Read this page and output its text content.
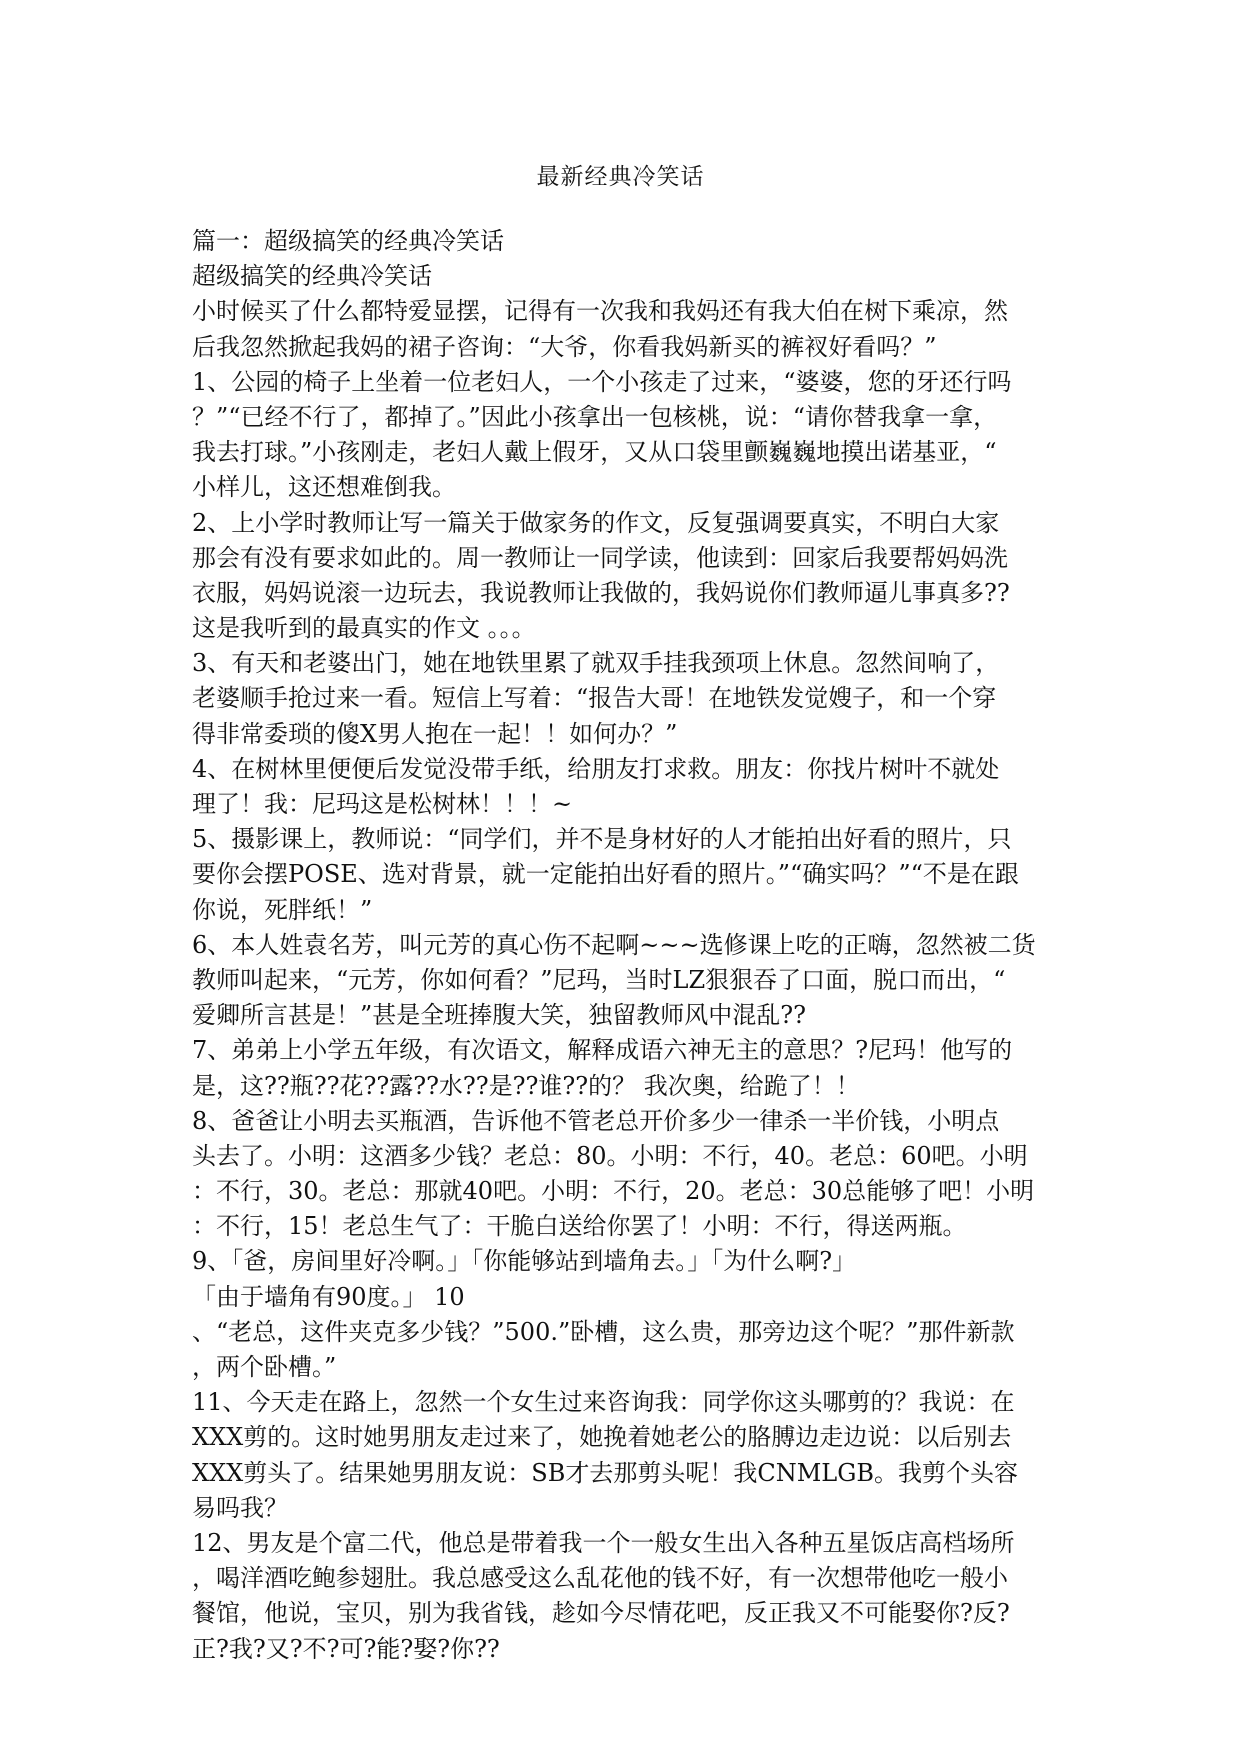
最新经典冷笑话
篇一：超级搞笑的经典冷笑话
超级搞笑的经典冷笑话
小时候买了什么都特爱显摆，记得有一次我和我妈还有我大伯在树下乘凉，然
后我忽然掀起我妈的裙子咨询：“大爷，你看我妈新买的裤衩好看吗？”
1、公园的椅子上坐着一位老妇人，一个小孩走了过来，“婆婆，您的牙还行吗
？”“已经不行了，都掉了。”因此小孩拿出一包核桃，说：“请你替我拿一拿，
我去打球。”小孩刚走，老妇人戴上假牙，又从口袋里颤巍巍地摸出诺基亚，“
小样儿，这还想难倒我。
2、上小学时教师让写一篇关于做家务的作文，反复强调要真实，不明白大家
那会有没有要求如此的。周一教师让一同学读，他读到：回家后我要帮妈妈洗
衣服，妈妈说滚一边玩去，我说教师让我做的，我妈说你们教师逼儿事真多??
这是我听到的最真实的作文 。。。
3、有天和老婆出门，她在地铁里累了就双手挂我颈项上休息。忽然间响了，
老婆顺手抢过来一看。短信上写着：“报告大哥！在地铁发觉嫂子，和一个穿
得非常委琐的傻X男人抱在一起！！如何办？”
4、在树林里便便后发觉没带手纸，给朋友打求救。朋友：你找片树叶不就处
理了！我：尼玛这是松树林！！！~
5、摄影课上，教师说：“同学们，并不是身材好的人才能拍出好看的照片，只
要你会摆POSE、选对背景，就一定能拍出好看的照片。”“确实吗？”“不是在跟
你说，死胖纸！”
6、本人姓袁名芳，叫元芳的真心伤不起啊~~~选修课上吃的正嗨，忽然被二货
教师叫起来，“元芳，你如何看？”尼玛，当时LZ狠狠吞了口面，脱口而出，“
爱卿所言甚是！”甚是全班捧腹大笑，独留教师风中混乱??
7、弟弟上小学五年级，有次语文，解释成语六神无主的意思？?尼玛！他写的
是，这??瓶??花??露??水??是??谁??的？ 我次奥，给跪了！！
8、爸爸让小明去买瓶酒，告诉他不管老总开价多少一律杀一半价钱，小明点
头去了。小明：这酒多少钱？老总：80。小明：不行，40。老总：60吧。小明
：不行，30。老总：那就40吧。小明：不行，20。老总：30总能够了吧！小明
：不行，15！老总生气了：干脆白送给你罢了！小明：不行，得送两瓶。
9、「爸，房间里好冷啊。」「你能够站到墙角去。」「为什么啊?」
「由于墙角有90度。」 10
、“老总，这件夹克多少钱？”500.”卧槽，这么贵，那旁边这个呢？”那件新款
，两个卧槽。”
11、今天走在路上，忽然一个女生过来咨询我：同学你这头哪剪的？我说：在
XXX剪的。这时她男朋友走过来了，她挽着她老公的胳膊边走边说：以后别去
XXX剪头了。结果她男朋友说：SB才去那剪头呢！我CNMLGB。我剪个头容
易吗我？
12、男友是个富二代，他总是带着我一个一般女生出入各种五星饭店高档场所
，喝洋酒吃鲍参翅肚。我总感受这么乱花他的钱不好，有一次想带他吃一般小
餐馆，他说，宝贝，别为我省钱，趁如今尽情花吧，反正我又不可能娶你?反?
正?我?又?不?可?能?娶?你??
